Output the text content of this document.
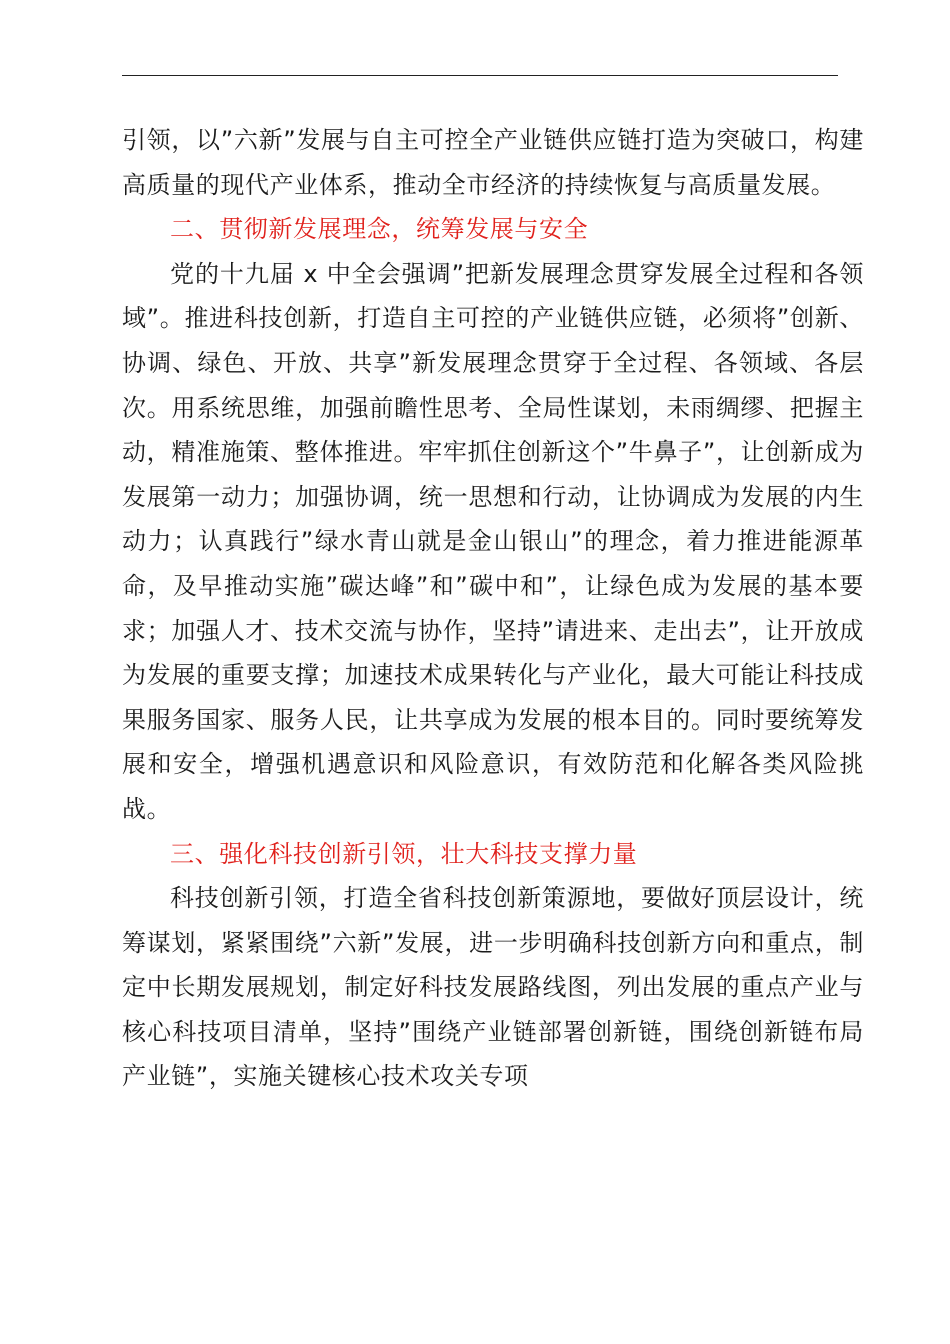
引领，以”六新”发展与自主可控全产业链供应链打造为突破口，构建高质量的现代产业体系，推动全市经济的持续恢复与高质量发展。

二、贯彻新发展理念，统筹发展与安全

党的十九届 x 中全会强调”把新发展理念贯穿发展全过程和各领域”。推进科技创新，打造自主可控的产业链供应链，必须将”创新、协调、绿色、开放、共享”新发展理念贯穿于全过程、各领域、各层次。用系统思维，加强前瞻性思考、全局性谋划，未雨绸缪、把握主动，精准施策、整体推进。牢牢抓住创新这个”牛鼻子”，让创新成为发展第一动力；加强协调，统一思想和行动，让协调成为发展的内生动力；认真践行”绿水青山就是金山银山”的理念，着力推进能源革命，及早推动实施”碳达峰”和”碳中和”，让绿色成为发展的基本要求；加强人才、技术交流与协作，坚持”请进来、走出去”，让开放成为发展的重要支撑；加速技术成果转化与产业化，最大可能让科技成果服务国家、服务人民，让共享成为发展的根本目的。同时要统筹发展和安全，增强机遇意识和风险意识，有效防范和化解各类风险挑战。

三、强化科技创新引领，壮大科技支撑力量

科技创新引领，打造全省科技创新策源地，要做好顶层设计，统筹谋划，紧紧围绕”六新”发展，进一步明确科技创新方向和重点，制定中长期发展规划，制定好科技发展路线图，列出发展的重点产业与核心科技项目清单，坚持”围绕产业链部署创新链，围绕创新链布局产业链”，实施关键核心技术攻关专项
